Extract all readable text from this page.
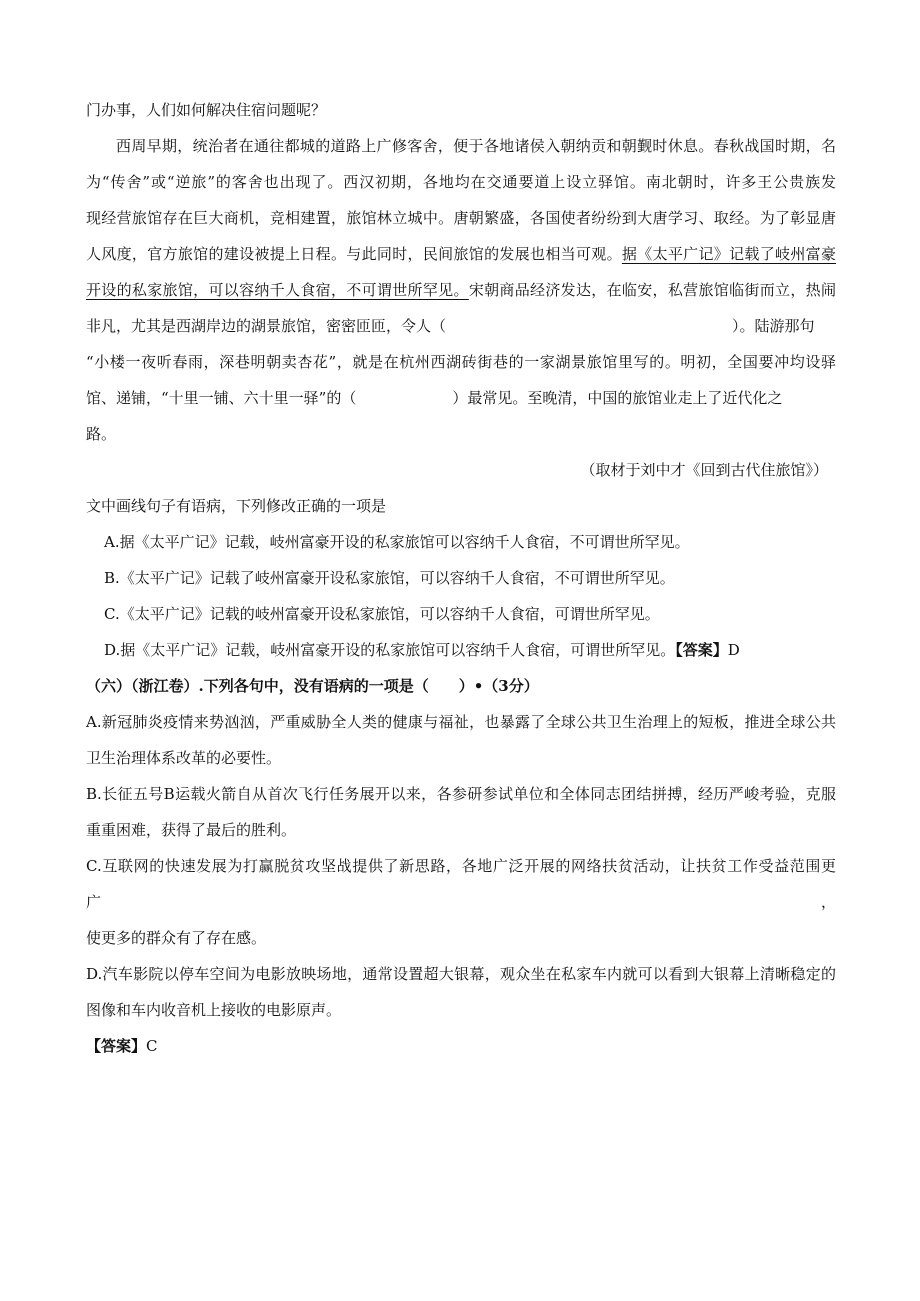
门办事，人们如何解决住宿问题呢？
西周早期，统治者在通往都城的道路上广修客舍，便于各地诸侯入朝纳贡和朝觐时休息。春秋战国时期，名
为“传舍”或“逆旅”的客舍也出现了。西汉初期，各地均在交通要道上设立驿馆。南北朝时，许多王公贵族发
现经营旅馆存在巨大商机，竞相建置，旅馆林立城中。唐朝繁盛，各国使者纷纷到大唐学习、取经。为了彰显唐
人风度，官方旅馆的建设被提上日程。与此同时，民间旅馆的发展也相当可观。据《太平广记》记载了岐州富豪
开设的私家旅馆，可以容纳千人食宿，不可谓世所罕见。宋朝商品经济发达，在临安，私营旅馆临街而立，热闹
非凡，尤其是西湖岸边的湖景旅馆，密密匝匝，令人（	）。陆游那句
“小楼一夜听春雨，深巷明朝卖杏花”，就是在杭州西湖砖街巷的一家湖景旅馆里写的。明初，全国要冲均设驿
馆、递铺，“十里一铺、六十里一驿”的（	）最常见。至晚清，中国的旅馆业走上了近代化之
路。
（取材于刘中才《回到古代住旅馆》）
文中画线句子有语病，下列修改正确的一项是
A.据《太平广记》记载，岐州富豪开设的私家旅馆可以容纳千人食宿，不可谓世所罕见。
B.《太平广记》记载了岐州富豪开设私家旅馆，可以容纳千人食宿，不可谓世所罕见。
C.《太平广记》记载的岐州富豪开设私家旅馆，可以容纳千人食宿，可谓世所罕见。
D.据《太平广记》记载，岐州富豪开设的私家旅馆可以容纳千人食宿，可谓世所罕见。【答案】D
（六）（浙江卷）.下列各句中，没有语病的一项是（　　）•（3分）
A.新冠肺炎疫情来势汹汹，严重威胁全人类的健康与福祉，也暴露了全球公共卫生治理上的短板，推进全球公共
卫生治理体系改革的必要性。
B.长征五号B运载火箭自从首次飞行任务展开以来，各参研参试单位和全体同志团结拼搏，经历严峻考验，克服
重重困难，获得了最后的胜利。
C.互联网的快速发展为打赢脱贫攻坚战提供了新思路，各地广泛开展的网络扶贫活动，让扶贫工作受益范围更广，
使更多的群众有了存在感。
D.汽车影院以停车空间为电影放映场地，通常设置超大银幕，观众坐在私家车内就可以看到大银幕上清晰稳定的
图像和车内收音机上接收的电影原声。
【答案】C
